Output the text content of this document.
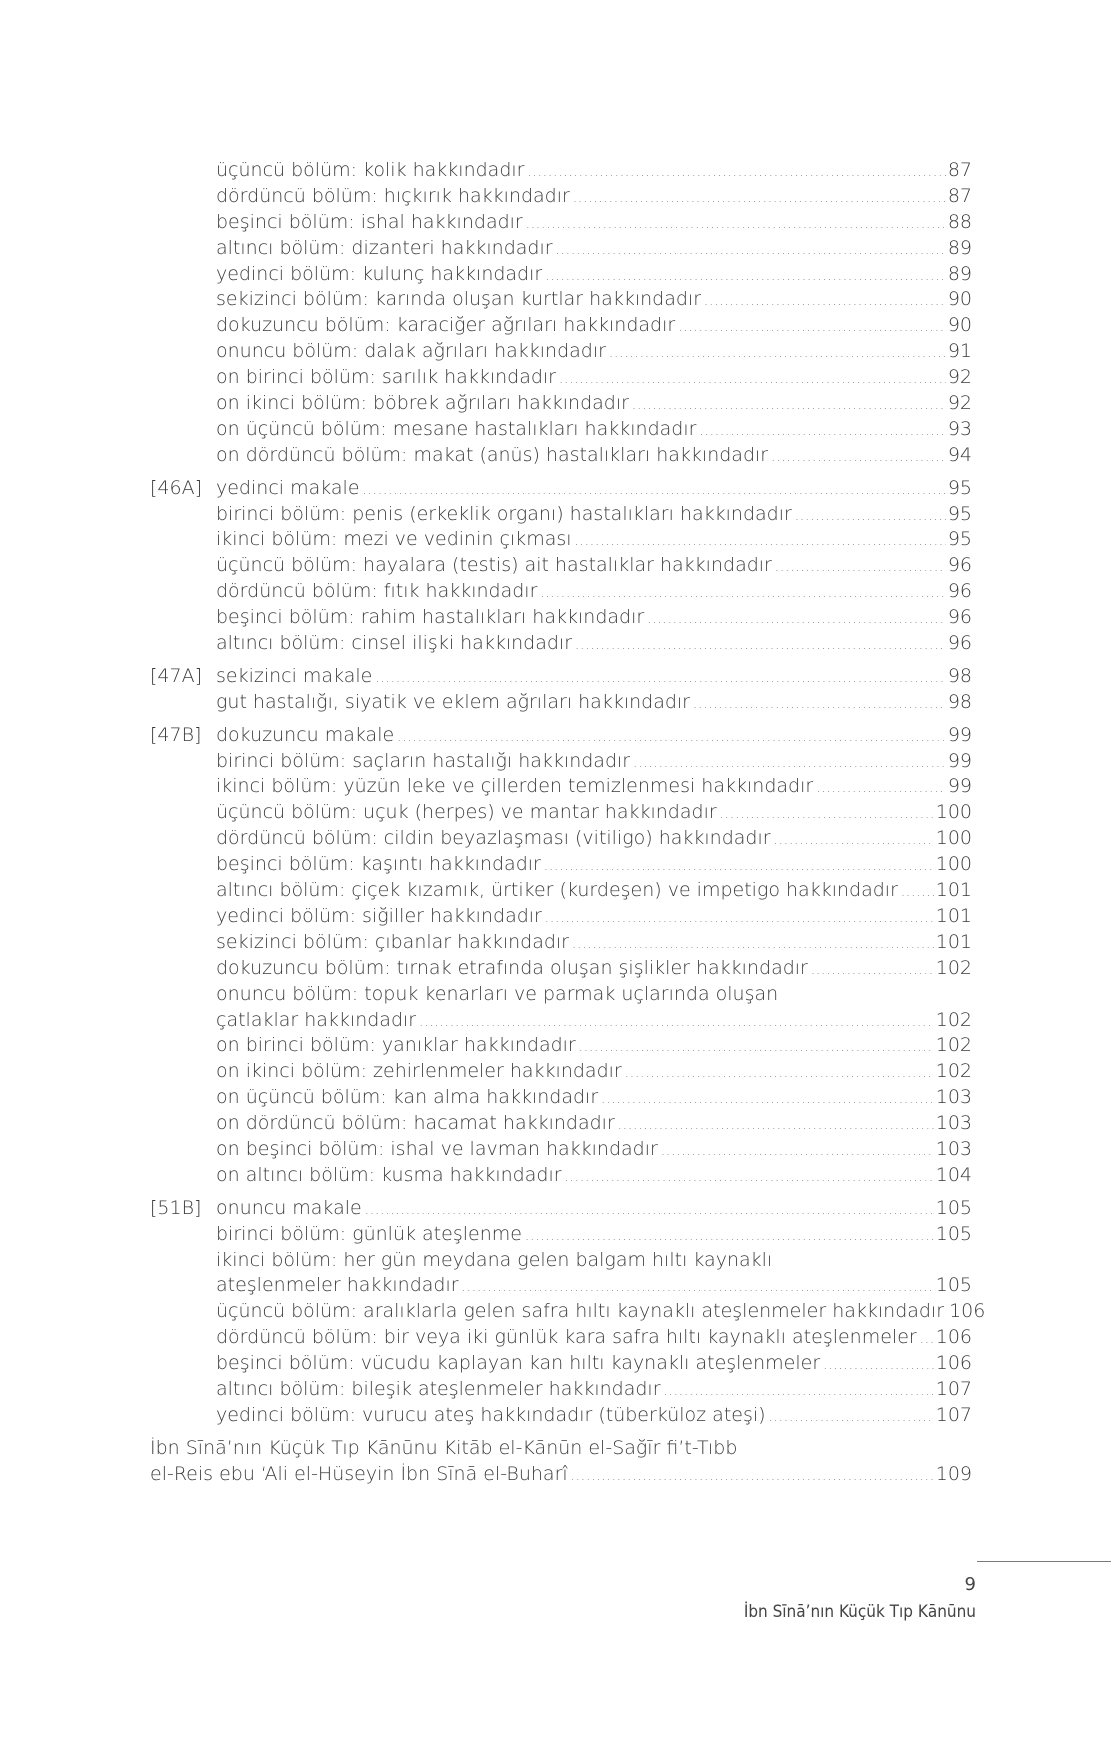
üçüncü bölüm: kolik hakkındadır .....	87
dördüncü bölüm: hıçkırık hakkındadır .....	87
beşinci bölüm: ishal hakkındadır .....	88
altıncı bölüm: dizanteri hakkındadır .....	89
yedinci bölüm: kulunç hakkındadır .....	89
sekizinci bölüm: karında oluşan kurtlar hakkındadır .....	90
dokuzuncu bölüm: karaciğer ağrıları hakkındadır .....	90
onuncu bölüm: dalak ağrıları hakkındadır .....	91
on birinci bölüm: sarılık hakkındadır .....	92
on ikinci bölüm: böbrek ağrıları hakkındadır .....	92
on üçüncü bölüm: mesane hastalıkları hakkındadır .....	93
on dördüncü bölüm: makat (anüs) hastalıkları hakkındadır .....	94
[46A] yedinci makale .....	95
birinci bölüm: penis (erkeklik organı) hastalıkları hakkındadır .....	95
ikinci bölüm: mezi ve vedinin çıkması .....	95
üçüncü bölüm: hayalara (testis) ait hastalıklar hakkındadır .....	96
dördüncü bölüm: fıtık hakkındadır .....	96
beşinci bölüm: rahim hastalıkları hakkındadır .....	96
altıncı bölüm: cinsel ilişki hakkındadır .....	96
[47A] sekizinci makale .....	98
gut hastalığı, siyatik ve eklem ağrıları hakkındadır .....	98
[47B] dokuzuncu makale .....	99
birinci bölüm: saçların hastalığı hakkındadır .....	99
ikinci bölüm: yüzün leke ve çillerden temizlenmesi hakkındadır .....	99
üçüncü bölüm: uçuk (herpes) ve mantar hakkındadır .....	100
dördüncü bölüm: cildin beyazlaşması (vitiligo) hakkındadır .....	100
beşinci bölüm: kaşıntı hakkındadır .....	100
altıncı bölüm: çiçek kızamık, ürtiker (kurdeşen) ve impetigo hakkındadır ..... 101
yedinci bölüm: siğiller hakkındadır .....	101
sekizinci bölüm: çıbanlar hakkındadır .....	101
dokuzuncu bölüm: tırnak etrafında oluşan şişlikler hakkındadır .....	102
onuncu bölüm: topuk kenarları ve parmak uçlarında oluşan
çatlaklar hakkındadır .....	102
on birinci bölüm: yanıklar hakkındadır .....	102
on ikinci bölüm: zehirlenmeler hakkındadır .....	102
on üçüncü bölüm: kan alma hakkındadır .....	103
on dördüncü bölüm: hacamat hakkındadır .....	103
on beşinci bölüm: ishal ve lavman hakkındadır .....	103
on altıncı bölüm: kusma hakkındadır .....	104
[51B] onuncu makale .....	105
birinci bölüm: günlük ateşlenme .....	105
ikinci bölüm: her gün meydana gelen balgam hıltı kaynaklı
ateşlenmeler hakkındadır .....	105
üçüncü bölüm: aralıklarla gelen safra hıltı kaynaklı ateşlenmeler hakkındadır 106
dördüncü bölüm: bir veya iki günlük kara safra hıltı kaynaklı ateşlenmeler ..... 106
beşinci bölüm: vücudu kaplayan kan hıltı kaynaklı ateşlenmeler .....	106
altıncı bölüm: bileşik ateşlenmeler hakkındadır .....	107
yedinci bölüm: vurucu ateş hakkındadır (tüberküloz ateşi) .....	107
İbn Sīnā’nın Küçük Tıp Kānūnu Kitāb el-Kānūn el-Sağīr fi’t-Tıbb
el-Reis ebu ‘Ali el-Hüseyin İbn Sīnā el-Buharî .....	109
9
İbn Sīnā’nın Küçük Tıp Kānūnu
